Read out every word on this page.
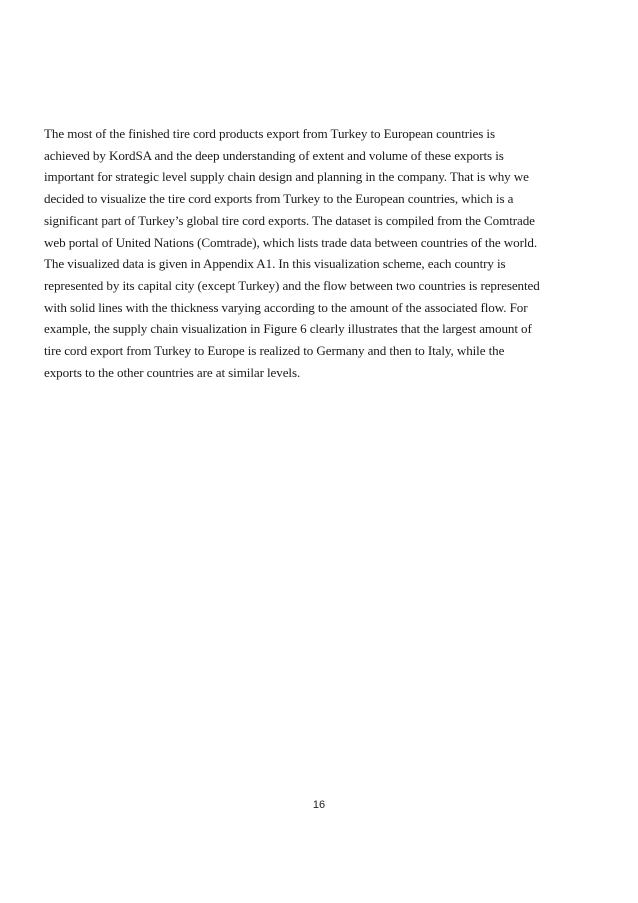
The most of the finished tire cord products export from Turkey to European countries is
achieved by KordSA and the deep understanding of extent and volume of these exports is
important for strategic level supply chain design and planning in the company. That is why we
decided to visualize the tire cord exports from Turkey to the European countries, which is a
significant part of Turkey’s global tire cord exports. The dataset is compiled from the Comtrade
web portal of United Nations (Comtrade), which lists trade data between countries of the world.
The visualized data is given in Appendix A1. In this visualization scheme, each country is
represented by its capital city (except Turkey) and the flow between two countries is represented
with solid lines with the thickness varying according to the amount of the associated flow. For
example, the supply chain visualization in Figure 6 clearly illustrates that the largest amount of
tire cord export from Turkey to Europe is realized to Germany and then to Italy, while the
exports to the other countries are at similar levels.
16
